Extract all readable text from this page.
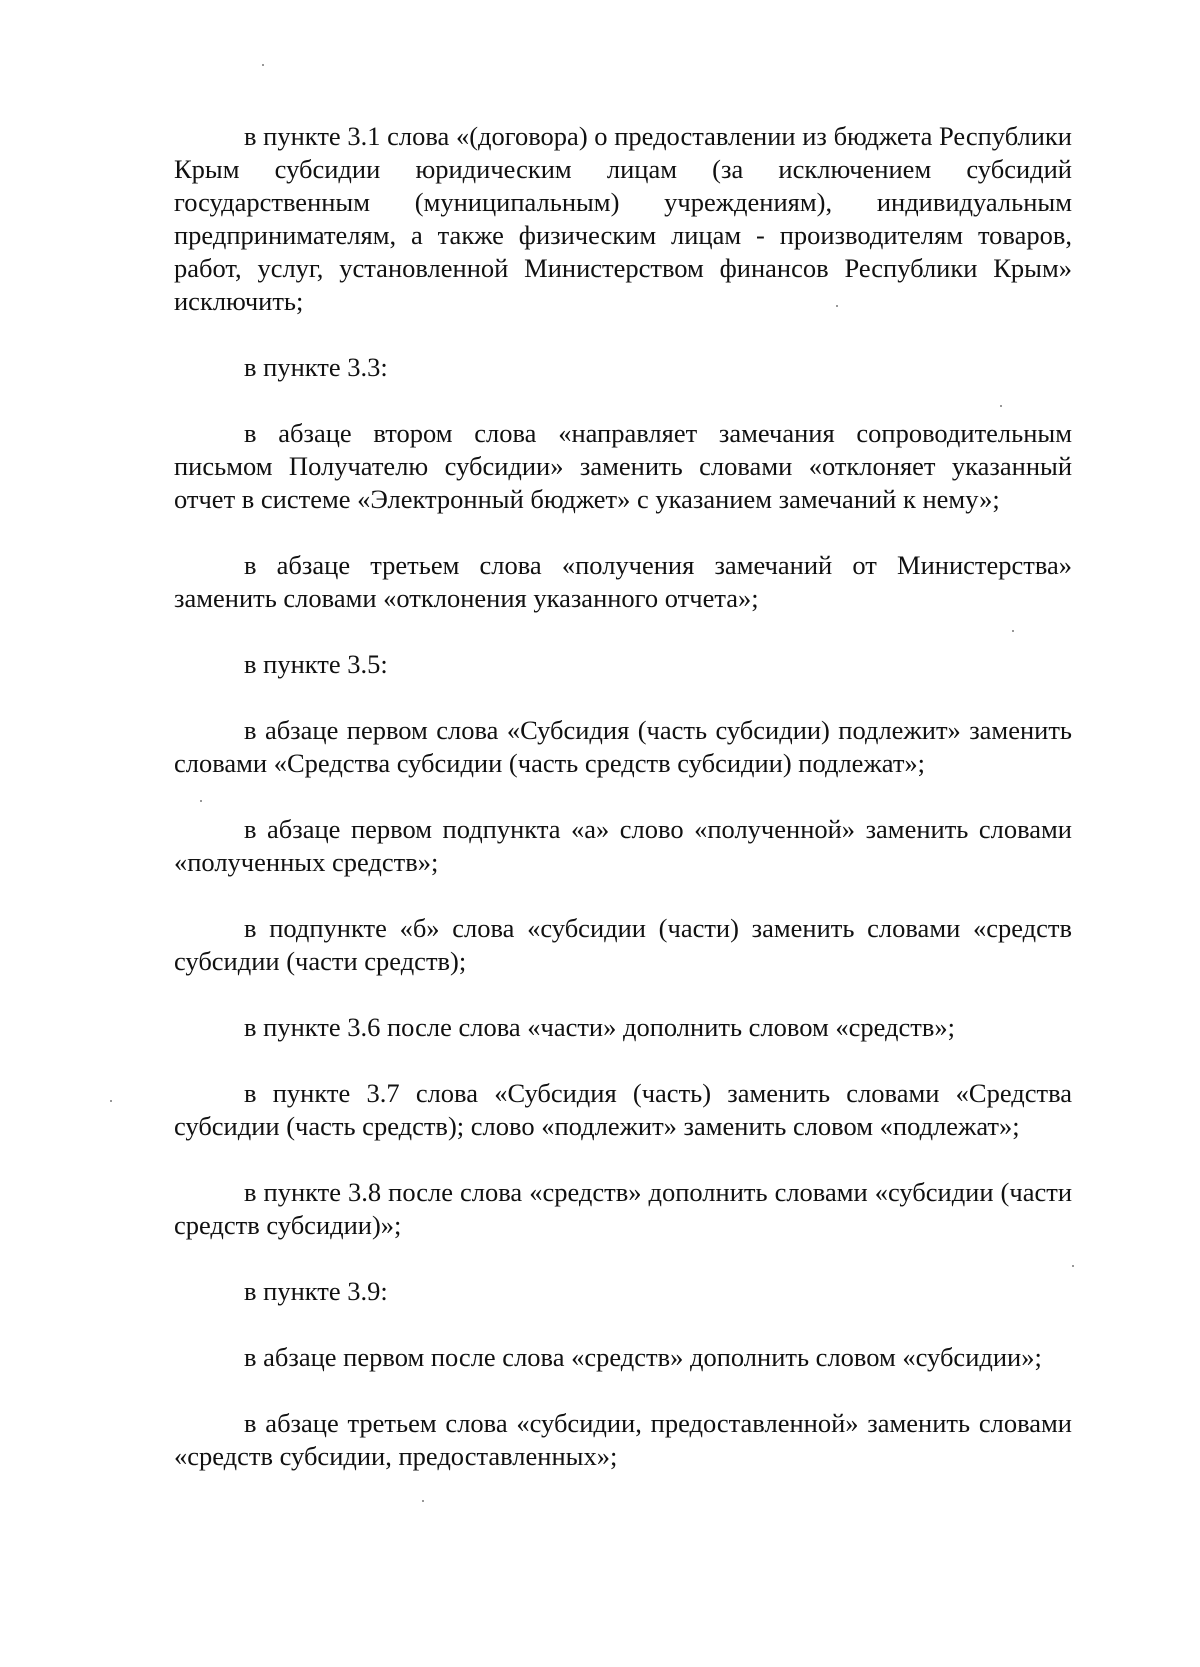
в пункте 3.1 слова «(договора) о предоставлении из бюджета Республики Крым субсидии юридическим лицам (за исключением субсидий государственным (муниципальным) учреждениям), индивидуальным предпринимателям, а также физическим лицам - производителям товаров, работ, услуг, установленной Министерством финансов Республики Крым» исключить;

в пункте 3.3:

в абзаце втором слова «направляет замечания сопроводительным письмом Получателю субсидии» заменить словами «отклоняет указанный отчет в системе «Электронный бюджет» с указанием замечаний к нему»;

в абзаце третьем слова «получения замечаний от Министерства» заменить словами «отклонения указанного отчета»;

в пункте 3.5:

в абзаце первом слова «Субсидия (часть субсидии) подлежит» заменить словами «Средства субсидии (часть средств субсидии) подлежат»;

в абзаце первом подпункта «а» слово «полученной» заменить словами «полученных средств»;

в подпункте «б» слова «субсидии (части) заменить словами «средств субсидии (части средств);

в пункте 3.6 после слова «части» дополнить словом «средств»;

в пункте 3.7 слова «Субсидия (часть) заменить словами «Средства субсидии (часть средств); слово «подлежит» заменить словом «подлежат»;

в пункте 3.8 после слова «средств» дополнить словами «субсидии (части средств субсидии)»;

в пункте 3.9:

в абзаце первом после слова «средств» дополнить словом «субсидии»;

в абзаце третьем слова «субсидии, предоставленной» заменить словами «средств субсидии, предоставленных»;
